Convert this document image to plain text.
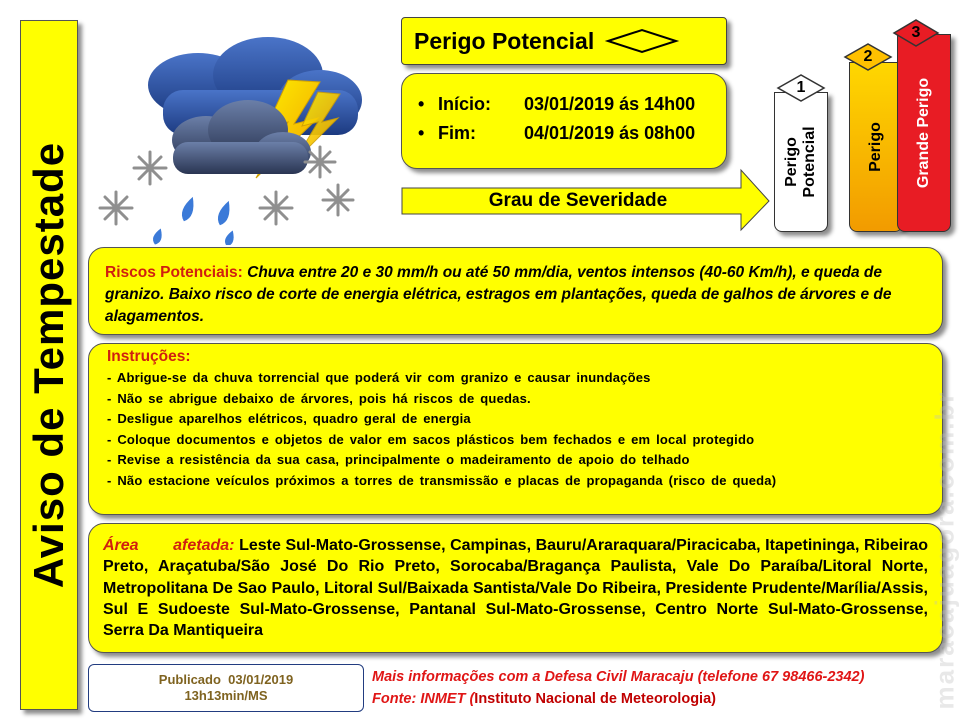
Aviso de Tempestade
Perigo Potencial
• Início:	03/01/2019 ás 14h00
• Fim:	04/01/2019 ás 08h00
Grau de Severidade
Perigo Potencial	Perigo Grande Perigo
1
2
3
Riscos Potenciais: Chuva entre 20 e 30 mm/h ou até 50 mm/dia, ventos intensos (40-60 Km/h), e queda de granizo. Baixo risco de corte de energia elétrica, estragos em plantações, queda de galhos de árvores e de alagamentos.
Instruções:
- Abrigue-se da chuva torrencial que poderá vir com granizo e causar inundações
- Não se abrigue debaixo de árvores, pois há riscos de quedas.
- Desligue aparelhos elétricos, quadro geral de energia
- Coloque documentos e objetos de valor em sacos plásticos bem fechados e em local protegido
- Revise a resistência da sua casa, principalmente o madeiramento de apoio do telhado
- Não estacione veículos próximos a torres de transmissão e placas de propaganda (risco de queda)
Área afetada: Leste Sul-Mato-Grossense, Campinas, Bauru/Araraquara/Piracicaba, Itapetininga, Ribeirao Preto, Araçatuba/São José Do Rio Preto, Sorocaba/Bragança Paulista, Vale Do Paraíba/Litoral Norte, Metropolitana De Sao Paulo, Litoral Sul/Baixada Santista/Vale Do Ribeira, Presidente Prudente/Marília/Assis, Sul E Sudoeste Sul-Mato-Grossense, Pantanal Sul-Mato-Grossense, Centro Norte Sul-Mato-Grossense, Serra Da Mantiqueira
Publicado  03/01/2019
13h13min/MS
Mais informações com a Defesa Civil Maracaju (telefone 67 98466-2342)
Fonte: INMET (Instituto Nacional de Meteorologia)	maracajuagora.com.br
